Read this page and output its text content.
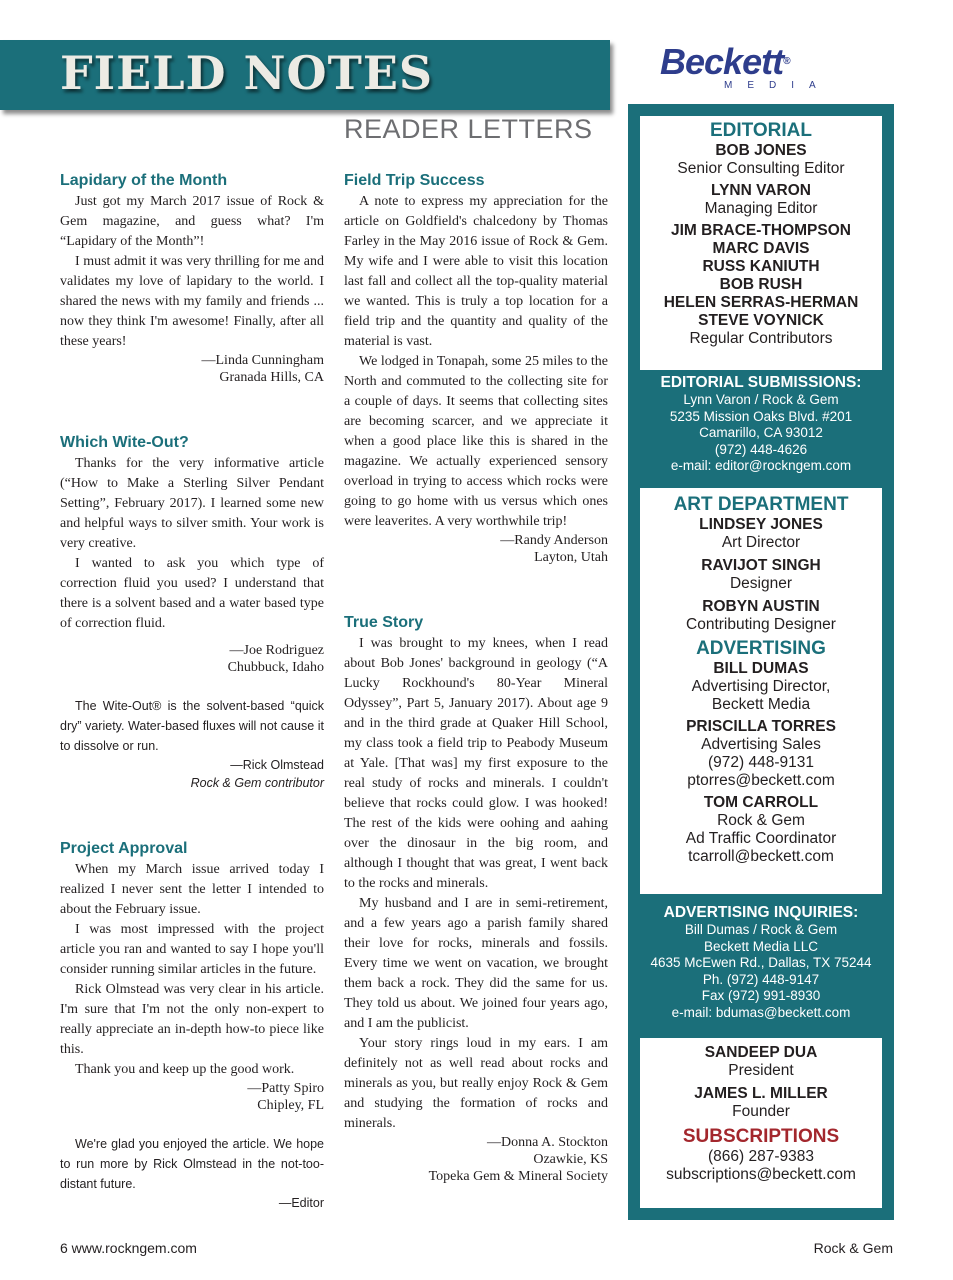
FIELD NOTES	Beckett®
MEDIA
READER LETTERS
Lapidary of the Month

Just got my March 2017 issue of Rock & Gem magazine, and guess what? I'm “Lapidary of the Month”!

I must admit it was very thrilling for me and validates my love of lapidary to the world. I shared the news with my family and friends ... now they think I'm awesome! Finally, after all these years!

—Linda Cunningham
Granada Hills, CA
Which Wite-Out?

Thanks for the very informative article (“How to Make a Sterling Silver Pendant Setting”, February 2017). I learned some new and helpful ways to silver smith. Your work is very creative.

I wanted to ask you which type of correction fluid you used? I understand that there is a solvent based and a water based type of correction fluid.

—Joe Rodriguez
Chubbuck, Idaho

The Wite-Out® is the solvent-based “quick dry” variety. Water-based fluxes will not cause it to dissolve or run.

—Rick Olmstead
Rock & Gem contributor
Project Approval

When my March issue arrived today I realized I never sent the letter I intended to about the February issue.

I was most impressed with the project article you ran and wanted to say I hope you'll consider running similar articles in the future.

Rick Olmstead was very clear in his article. I'm sure that I'm not the only non-expert to really appreciate an in-depth how-to piece like this.

Thank you and keep up the good work.

—Patty Spiro
Chipley, FL

We're glad you enjoyed the article. We hope to run more by Rick Olmstead in the not-too-distant future.

—Editor
Field Trip Success

A note to express my appreciation for the article on Goldfield's chalcedony by Thomas Farley in the May 2016 issue of Rock & Gem. My wife and I were able to visit this location last fall and collect all the top-quality material we wanted. This is truly a top location for a field trip and the quantity and quality of the material is vast.

We lodged in Tonapah, some 25 miles to the North and commuted to the collecting site for a couple of days. It seems that collecting sites are becoming scarcer, and we appreciate it when a good place like this is shared in the magazine. We actually experienced sensory overload in trying to access which rocks were going to go home with us versus which ones were leaverites. A very worthwhile trip!

—Randy Anderson
Layton, Utah
True Story

I was brought to my knees, when I read about Bob Jones' background in geology (“A Lucky Rockhound's 80-Year Mineral Odyssey”, Part 5, January 2017). About age 9 and in the third grade at Quaker Hill School, my class took a field trip to Peabody Museum at Yale. [That was] my first exposure to the real study of rocks and minerals. I couldn't believe that rocks could glow. I was hooked! The rest of the kids were oohing and aahing over the dinosaur in the big room, and although I thought that was great, I went back to the rocks and minerals.

My husband and I are in semi-retirement, and a few years ago a parish family shared their love for rocks, minerals and fossils. Every time we went on vacation, we brought them back a rock. They did the same for us. They told us about. We joined four years ago, and I am the publicist.

Your story rings loud in my ears. I am definitely not as well read about rocks and minerals as you, but really enjoy Rock & Gem and studying the formation of rocks and minerals.

—Donna A. Stockton
Ozawkie, KS
Topeka Gem & Mineral Society
EDITORIAL
BOB JONES
Senior Consulting Editor
LYNN VARON
Managing Editor
JIM BRACE-THOMPSON
MARC DAVIS
RUSS KANIUTH
BOB RUSH
HELEN SERRAS-HERMAN
STEVE VOYNICK
Regular Contributors
EDITORIAL SUBMISSIONS:
Lynn Varon / Rock & Gem
5235 Mission Oaks Blvd. #201
Camarillo, CA 93012
(972) 448-4626
e-mail: editor@rockngem.com
ART DEPARTMENT
LINDSEY JONES
Art Director
RAVIJOT SINGH
Designer
ROBYN AUSTIN
Contributing Designer
ADVERTISING
BILL DUMAS
Advertising Director,
Beckett Media
PRISCILLA TORRES
Advertising Sales
(972) 448-9131
ptorres@beckett.com
TOM CARROLL
Rock & Gem
Ad Traffic Coordinator
tcarroll@beckett.com
ADVERTISING INQUIRIES:
Bill Dumas / Rock & Gem
Beckett Media LLC
4635 McEwen Rd., Dallas, TX 75244
Ph. (972) 448-9147
Fax (972) 991-8930
e-mail: bdumas@beckett.com
SANDEEP DUA
President
JAMES L. MILLER
Founder
SUBSCRIPTIONS
(866) 287-9383
subscriptions@beckett.com
6 www.rockngem.com	Rock & Gem
